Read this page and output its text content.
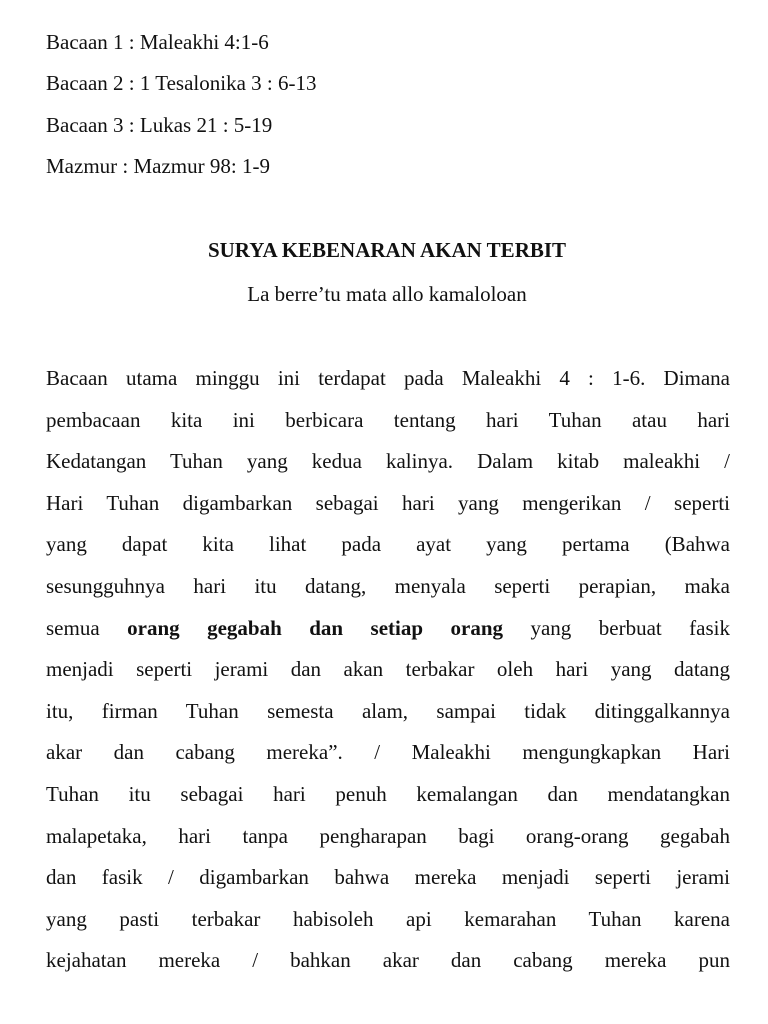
Bacaan 1 : Maleakhi 4:1-6
Bacaan 2 : 1 Tesalonika 3 : 6-13
Bacaan 3 : Lukas 21 : 5-19
Mazmur : Mazmur 98: 1-9
SURYA KEBENARAN AKAN TERBIT
La berre’tu mata allo kamaloloan
Bacaan utama minggu ini terdapat pada Maleakhi 4 : 1-6. Dimana
pembacaan kita ini berbicara tentang hari Tuhan atau hari
Kedatangan Tuhan yang kedua kalinya. Dalam kitab maleakhi /
Hari Tuhan digambarkan sebagai hari yang mengerikan / seperti
yang dapat kita lihat pada ayat yang pertama (Bahwa
sesungguhnya hari itu datang, menyala seperti perapian, maka
semua orang gegabah dan setiap orang yang berbuat fasik
menjadi seperti jerami dan akan terbakar oleh hari yang datang
itu, firman Tuhan semesta alam, sampai tidak ditinggalkannya
akar dan cabang mereka”. / Maleakhi mengungkapkan Hari
Tuhan itu sebagai hari penuh kemalangan dan mendatangkan
malapetaka, hari tanpa pengharapan bagi orang-orang gegabah
dan fasik / digambarkan bahwa mereka menjadi seperti jerami
yang pasti terbakar habisoleh api kemarahan Tuhan karena
kejahatan mereka / bahkan akar dan cabang mereka pun
